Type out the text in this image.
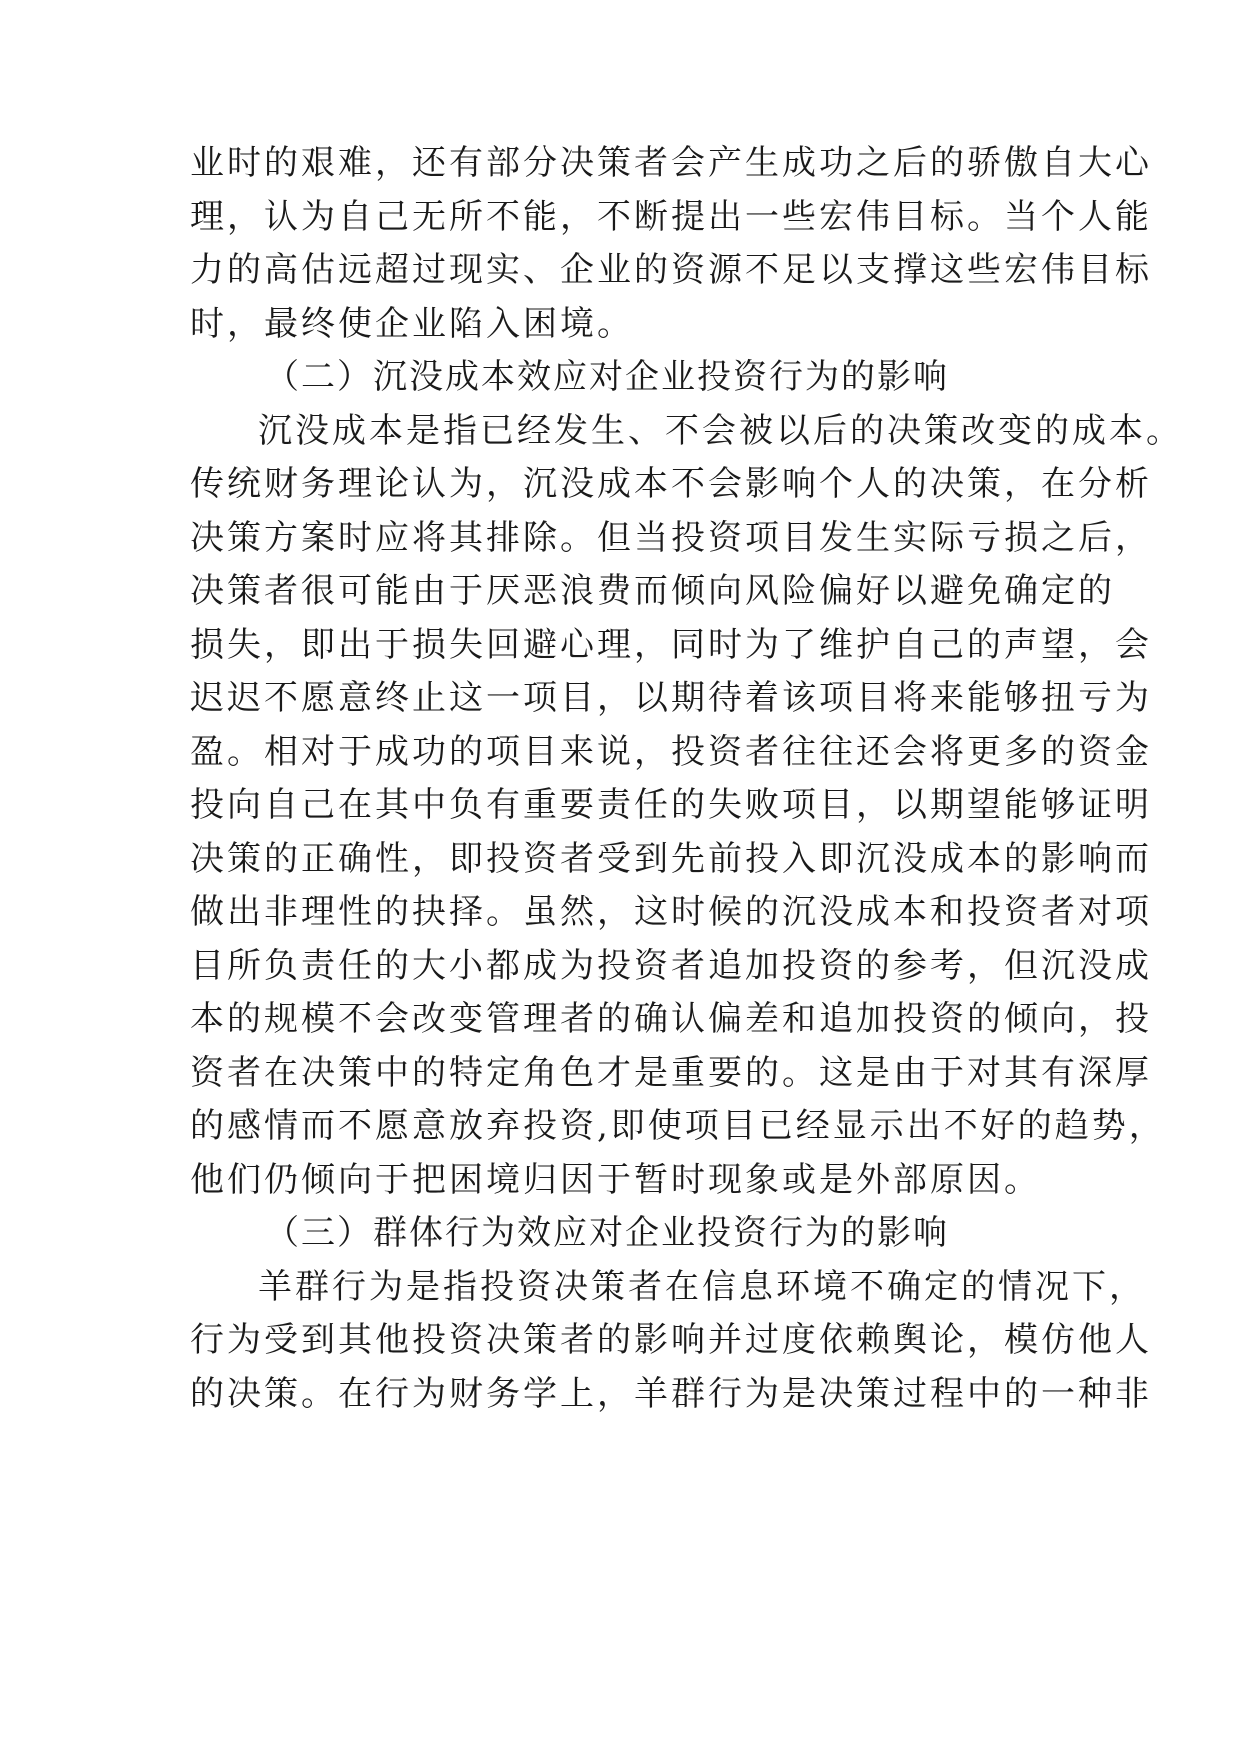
业时的艰难，还有部分决策者会产生成功之后的骄傲自大心
理，认为自己无所不能，不断提出一些宏伟目标。当个人能
力的高估远超过现实、企业的资源不足以支撑这些宏伟目标
时，最终使企业陷入困境。
（二）沉没成本效应对企业投资行为的影响
沉没成本是指已经发生、不会被以后的决策改变的成本。
传统财务理论认为，沉没成本不会影响个人的决策，在分析
决策方案时应将其排除。但当投资项目发生实际亏损之后，
决策者很可能由于厌恶浪费而倾向风险偏好以避免确定的
损失，即出于损失回避心理，同时为了维护自己的声望，会
迟迟不愿意终止这一项目，以期待着该项目将来能够扭亏为
盈。相对于成功的项目来说，投资者往往还会将更多的资金
投向自己在其中负有重要责任的失败项目，以期望能够证明
决策的正确性，即投资者受到先前投入即沉没成本的影响而
做出非理性的抉择。虽然，这时候的沉没成本和投资者对项
目所负责任的大小都成为投资者追加投资的参考，但沉没成
本的规模不会改变管理者的确认偏差和追加投资的倾向，投
资者在决策中的特定角色才是重要的。这是由于对其有深厚
的感情而不愿意放弃投资,即使项目已经显示出不好的趋势，
他们仍倾向于把困境归因于暂时现象或是外部原因。
（三）群体行为效应对企业投资行为的影响
羊群行为是指投资决策者在信息环境不确定的情况下，
行为受到其他投资决策者的影响并过度依赖舆论，模仿他人
的决策。在行为财务学上，羊群行为是决策过程中的一种非
